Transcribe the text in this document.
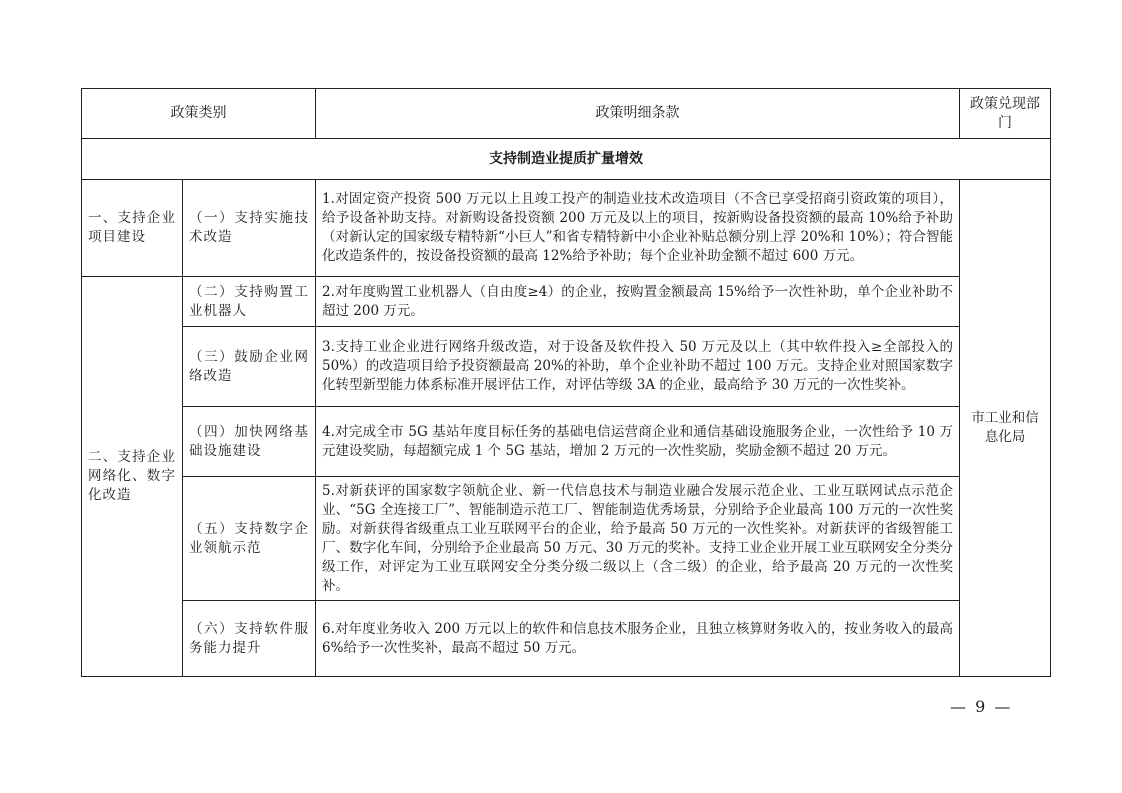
政策类别		政策明细条款	政策兑现部门
支持制造业提质扩量增效			
一、支持企业项目建设	（一）支持实施技术改造	1.对固定资产投资 500 万元以上且竣工投产的制造业技术改造项目（不含已享受招商引资政策的项目），给予设备补助支持。对新购设备投资额 200 万元及以上的项目，按新购设备投资额的最高 10%给予补助（对新认定的国家级专精特新“小巨人”和省专精特新中小企业补贴总额分别上浮 20%和 10%）；符合智能化改造条件的，按设备投资额的最高 12%给予补助；每个企业补助金额不超过 600 万元。	市工业和信息化局
二、支持企业网络化、数字化改造	（二）支持购置工业机器人	2.对年度购置工业机器人（自由度≥4）的企业，按购置金额最高 15%给予一次性补助，单个企业补助不超过 200 万元。	
	（三）鼓励企业网络改造	3.支持工业企业进行网络升级改造，对于设备及软件投入 50 万元及以上（其中软件投入≥全部投入的 50%）的改造项目给予投资额最高 20%的补助，单个企业补助不超过 100 万元。支持企业对照国家数字化转型新型能力体系标准开展评估工作，对评估等级 3A 的企业，最高给予 30 万元的一次性奖补。	
	（四）加快网络基础设施建设	4.对完成全市 5G 基站年度目标任务的基础电信运营商企业和通信基础设施服务企业，一次性给予 10 万元建设奖励，每超额完成 1 个 5G 基站，增加 2 万元的一次性奖励，奖励金额不超过 20 万元。	
	（五）支持数字企业领航示范	5.对新获评的国家数字领航企业、新一代信息技术与制造业融合发展示范企业、工业互联网试点示范企业、“5G 全连接工厂”、智能制造示范工厂、智能制造优秀场景，分别给予企业最高 100 万元的一次性奖励。对新获得省级重点工业互联网平台的企业，给予最高 50 万元的一次性奖补。对新获评的省级智能工厂、数字化车间，分别给予企业最高 50 万元、30 万元的奖补。支持工业企业开展工业互联网安全分类分级工作，对评定为工业互联网安全分类分级二级以上（含二级）的企业，给予最高 20 万元的一次性奖补。	
	（六）支持软件服务能力提升	6.对年度业务收入 200 万元以上的软件和信息技术服务企业，且独立核算财务收入的，按业务收入的最高 6%给予一次性奖补，最高不超过 50 万元。	
— 9 —
